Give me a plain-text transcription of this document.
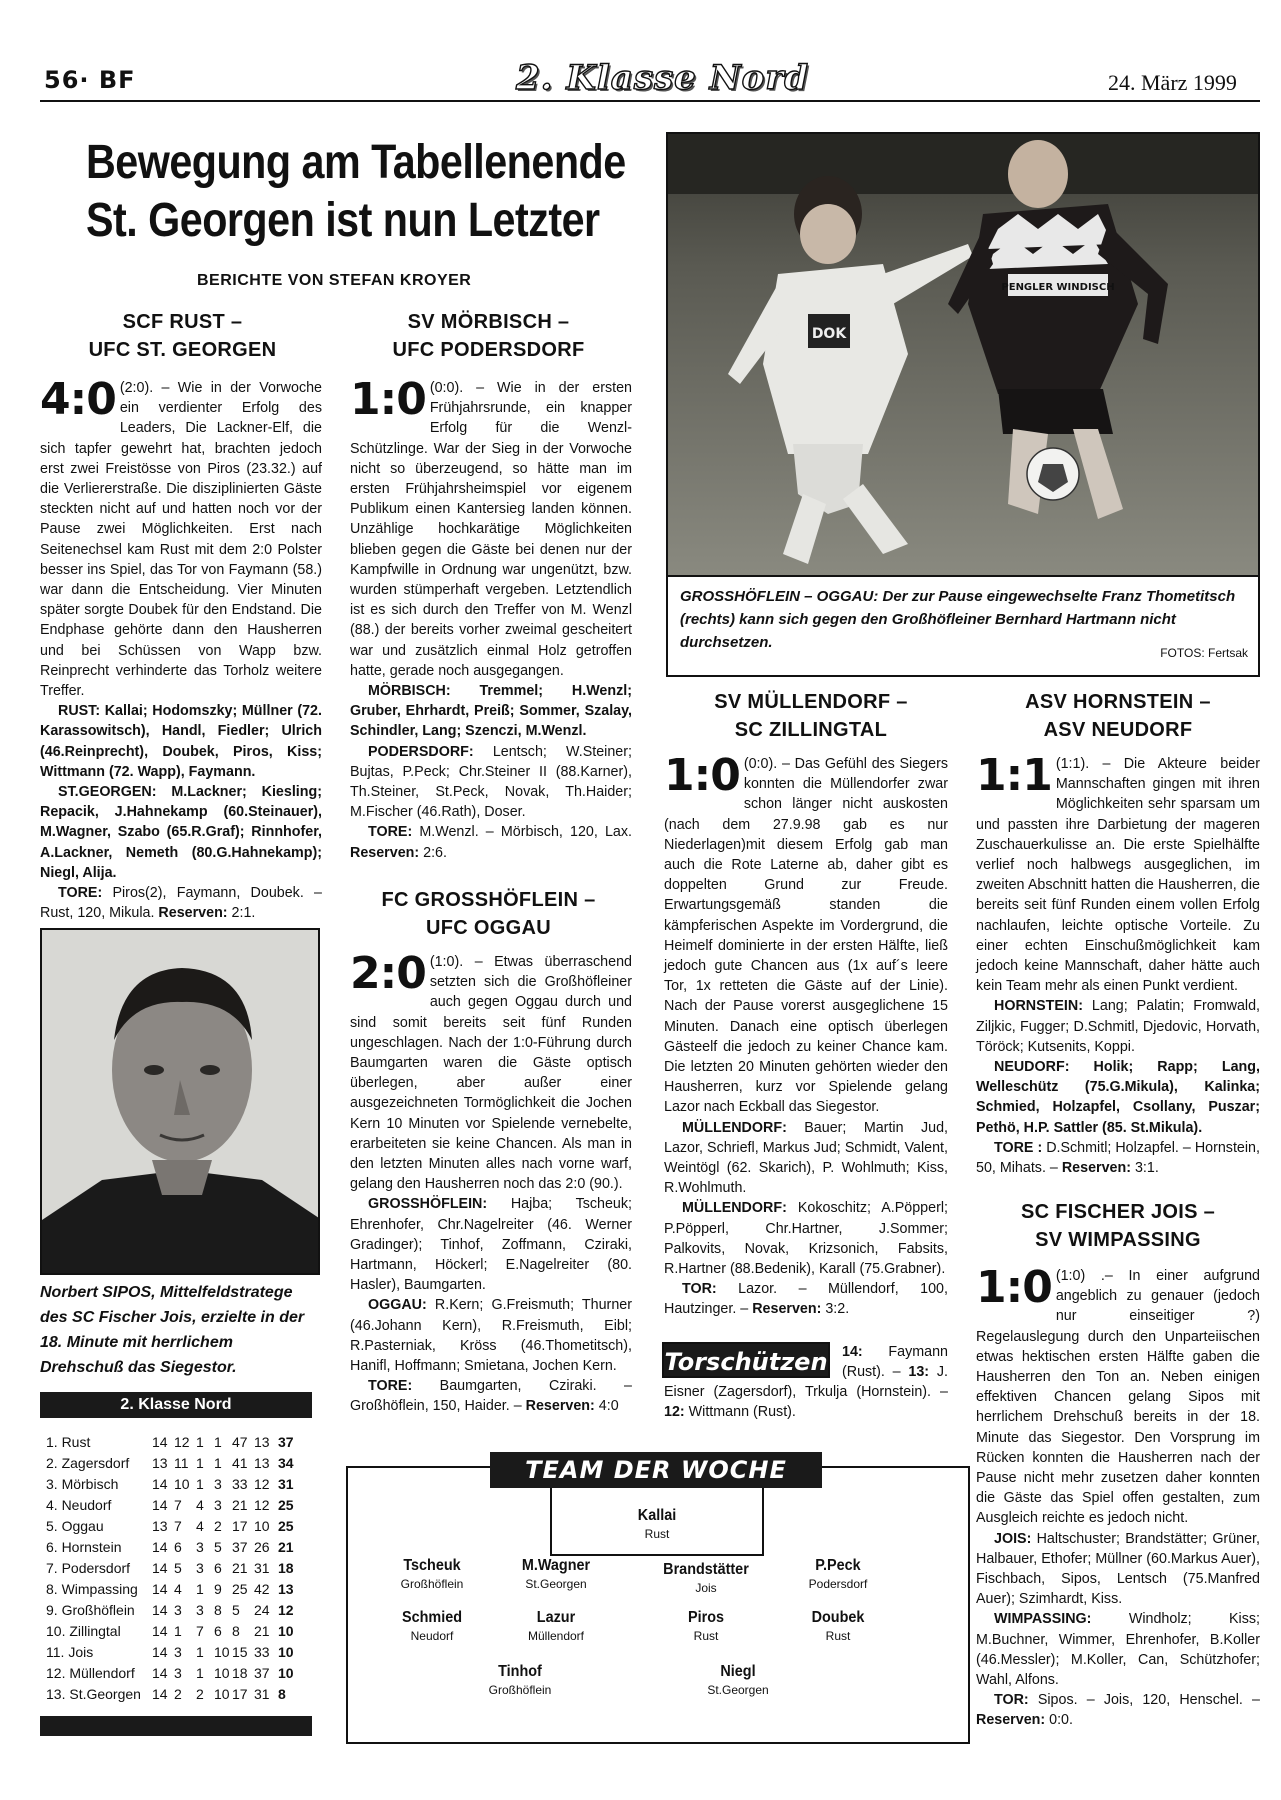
56· BF	2. Klasse Nord	24. März 1999
Bewegung am Tabellenende
St. Georgen ist nun Letzter
BERICHTE VON STEFAN KROYER
SCF RUST –
UFC ST. GEORGEN
4:0 (2:0). – Wie in der Vorwoche ein verdienter Erfolg des Leaders, Die Lackner-Elf, die sich tapfer gewehrt hat, brachten jedoch erst zwei Freistösse von Piros (23.32.) auf die Verliererstraße. Die disziplinierten Gäste steckten nicht auf und hatten noch vor der Pause zwei Möglichkeiten. Erst nach Seitenechsel kam Rust mit dem 2:0 Polster besser ins Spiel, das Tor von Faymann (58.) war dann die Entscheidung. Vier Minuten später sorgte Doubek für den Endstand. Die Endphase gehörte dann den Hausherren und bei Schüssen von Wapp bzw. Reinprecht verhinderte das Torholz weitere Treffer.

RUST: Kallai; Hodomszky; Müllner (72. Karassowitsch), Handl, Fiedler; Ulrich (46.Reinprecht), Doubek, Piros, Kiss; Wittmann (72. Wapp), Faymann.

ST.GEORGEN: M.Lackner; Kiesling; Repacik, J.Hahnekamp (60.Steinauer), M.Wagner, Szabo (65.R.Graf); Rinnhofer, A.Lackner, Nemeth (80.G.Hahnekamp); Niegl, Alija.

TORE: Piros(2), Faymann, Doubek. – Rust, 120, Mikula. Reserven: 2:1.

SV MÖRBISCH –
UFC PODERSDORF
1:0 (0:0). – Wie in der ersten Frühjahrsrunde, ein knapper Erfolg für die Wenzl-Schützlinge. War der Sieg in der Vorwoche nicht so überzeugend, so hätte man im ersten Frühjahrsheimspiel vor eigenem Publikum einen Kantersieg landen können. Unzählige hochkarätige Möglichkeiten blieben gegen die Gäste bei denen nur der Kampfwille in Ordnung war ungenützt, bzw. wurden stümperhaft vergeben. Letztendlich ist es sich durch den Treffer von M. Wenzl (88.) der bereits vorher zweimal gescheitert war und zusätzlich einmal Holz getroffen hatte, gerade noch ausgegangen.

MÖRBISCH: Tremmel; H.Wenzl; Gruber, Ehrhardt, Preiß; Sommer, Szalay, Schindler, Lang; Szenczi, M.Wenzl.

PODERSDORF: Lentsch; W.Steiner; Bujtas, P.Peck; Chr.Steiner II (88.Karner), Th.Steiner, St.Peck, Novak, Th.Haider; M.Fischer (46.Rath), Doser.

TORE: M.Wenzl. – Mörbisch, 120, Lax. Reserven: 2:6.

FC GROSSHÖFLEIN –
UFC OGGAU
2:0 (1:0). – Etwas überraschend setzten sich die Großhöfleiner auch gegen Oggau durch und sind somit bereits seit fünf Runden ungeschlagen. Nach der 1:0-Führung durch Baumgarten waren die Gäste optisch überlegen, aber außer einer ausgezeichneten Tormöglichkeit die Jochen Kern 10 Minuten vor Spielende vernebelte, erarbeiteten sie keine Chancen. Als man in den letzten Minuten alles nach vorne warf, gelang den Hausherren noch das 2:0 (90.).

GROSSHÖFLEIN: Hajba; Tscheuk; Ehrenhofer, Chr.Nagelreiter (46. Werner Gradinger); Tinhof, Zoffmann, Cziraki, Hartmann, Höckerl; E.Nagelreiter (80. Hasler), Baumgarten.

OGGAU: R.Kern; G.Freismuth; Thurner (46.Johann Kern), R.Freismuth, Eibl; R.Pasterniak, Kröss (46.Thometitsch), Hanifl, Hoffmann; Smietana, Jochen Kern.

TORE: Baumgarten, Cziraki. – Großhöflein, 150, Haider. – Reserven: 4:0

DOK
PENGLER WINDISCH
GROSSHÖFLEIN – OGGAU: Der zur Pause eingewechselte Franz Thometitsch (rechts) kann sich gegen den Großhöfleiner Bernhard Hartmann nicht durchsetzen.
FOTOS: Fertsak
SV MÜLLENDORF –
SC ZILLINGTAL
1:0 (0:0). – Das Gefühl des Siegers konnten die Müllendorfer zwar schon länger nicht auskosten (nach dem 27.9.98 gab es nur Niederlagen)mit diesem Erfolg gab man auch die Rote Laterne ab, daher gibt es doppelten Grund zur Freude. Erwartungsgemäß standen die kämpferischen Aspekte im Vordergrund, die Heimelf dominierte in der ersten Hälfte, ließ jedoch gute Chancen aus (1x auf´s leere Tor, 1x retteten die Gäste auf der Linie). Nach der Pause vorerst ausgeglichene 15 Minuten. Danach eine optisch überlegen Gästeelf die jedoch zu keiner Chance kam. Die letzten 20 Minuten gehörten wieder den Hausherren, kurz vor Spielende gelang Lazor nach Eckball das Siegestor.

MÜLLENDORF: Bauer; Martin Jud, Lazor, Schriefl, Markus Jud; Schmidt, Valent, Weintögl (62. Skarich), P. Wohlmuth; Kiss, R.Wohlmuth.

MÜLLENDORF: Kokoschitz; A.Pöpperl; P.Pöpperl, Chr.Hartner, J.Sommer; Palkovits, Novak, Krizsonich, Fabsits, R.Hartner (88.Bedenik), Karall (75.Grabner).

TOR: Lazor. – Müllendorf, 100, Hautzinger. – Reserven: 3:2.

Torschützen	14: Faymann (Rust). – 13: J. Eisner (Zagersdorf), Trkulja (Hornstein). – 12: Wittmann (Rust).
ASV HORNSTEIN –
ASV NEUDORF
1:1 (1:1). – Die Akteure beider Mannschaften gingen mit ihren Möglichkeiten sehr sparsam um und passten ihre Darbietung der mageren Zuschauerkulisse an. Die erste Spielhälfte verlief noch halbwegs ausgeglichen, im zweiten Abschnitt hatten die Hausherren, die bereits seit fünf Runden einem vollen Erfolg nachlaufen, leichte optische Vorteile. Zu einer echten Einschußmöglichkeit kam jedoch keine Mannschaft, daher hätte auch kein Team mehr als einen Punkt verdient.

HORNSTEIN: Lang; Palatin; Fromwald, Ziljkic, Fugger; D.Schmitl, Djedovic, Horvath, Töröck; Kutsenits, Koppi.

NEUDORF: Holik; Rapp; Lang, Welleschütz (75.G.Mikula), Kalinka; Schmied, Holzapfel, Csollany, Puszar; Pethö, H.P. Sattler (85. St.Mikula).

TORE : D.Schmitl; Holzapfel. – Hornstein, 50, Mihats. – Reserven: 3:1.

SC FISCHER JOIS –
SV WIMPASSING
1:0 (1:0) .– In einer aufgrund angeblich zu genauer (jedoch nur einseitiger ?) Regelauslegung durch den Unparteiischen etwas hektischen ersten Hälfte gaben die Hausherren den Ton an. Neben einigen effektiven Chancen gelang Sipos mit herrlichem Drehschuß bereits in der 18. Minute das Siegestor. Den Vorsprung im Rücken konnten die Hausherren nach der Pause nicht mehr zusetzen daher konnten die Gäste das Spiel offen gestalten, zum Ausgleich reichte es jedoch nicht.

JOIS: Haltschuster; Brandstätter; Grüner, Halbauer, Ethofer; Müllner (60.Markus Auer), Fischbach, Sipos, Lentsch (75.Manfred Auer); Szimhardt, Kiss.

WIMPASSING:	Windholz; Kiss; M.Buchner, Wimmer, Ehrenhofer, B.Koller (46.Messler); M.Koller, Can, Schützhofer; Wahl, Alfons.

TOR: Sipos. – Jois, 120, Henschel. – Reserven: 0:0.

Norbert SIPOS, Mittelfeldstratege des SC Fischer Jois, erzielte in der 18. Minute mit herrlichem Drehschuß das Siegestor.
2. Klasse Nord
1. Rust	14 12 1 1 47 13 37
2. Zagersdorf 13 11 1 1 41 13 34
3. Mörbisch 14 10 1 3 33 12 31
4. Neudorf	14 7 4 3 21 12 25
5. Oggau	13 7 4 2 17 10 25
6. Hornstein 14 6 3 5 37 26 21
7. Podersdorf 14 5 3 6 21 31 18
8. Wimpassing 14 4 1 9 25 42 13
9. Großhöflein 14 3 3 8 5 24 12
10. Zillingtal 14 1 7 6 8 21 10
11. Jois	14 3 1 10 15 33 10
12. Müllendorf 14 3 1 10 18 37 10
13. St.Georgen 14 2 2 10 17 31 8
TEAM DER WOCHE
Kallai
Rust
Tscheuk
Großhöflein
M.Wagner
St.Georgen
Brandstätter
Jois
P.Peck
Podersdorf
Schmied
Neudorf
Lazur
Müllendorf
Piros
Rust
Doubek
Rust
Tinhof
Großhöflein
Niegl
St.Georgen
